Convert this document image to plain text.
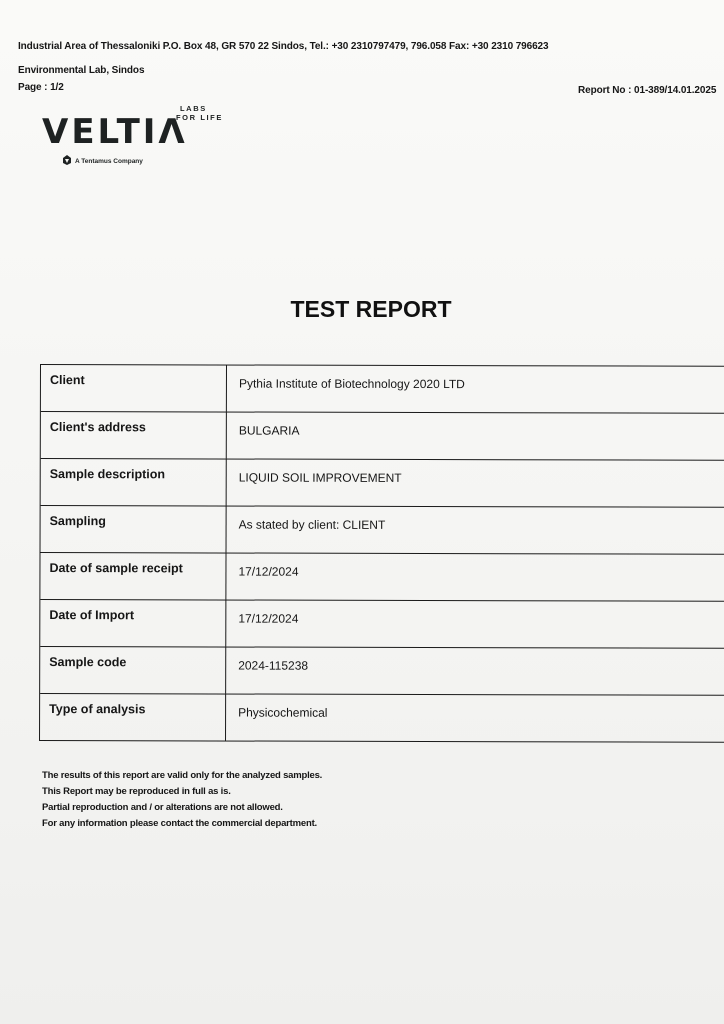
Industrial Area of Thessaloniki P.O. Box 48, GR 570 22 Sindos, Tel.: +30 2310797479, 796.058 Fax: +30 2310 796623
Environmental Lab, Sindos
Page : 1/2	Report No : 01-389/14.01.2025
VELTIΛ
LABS
FOR LIFE
A Tentamus Company
TEST REPORT
Client	Pythia Institute of Biotechnology 2020 LTD
Client's address	BULGARIA
Sample description	LIQUID SOIL IMPROVEMENT
Sampling	As stated by client: CLIENT
Date of sample receipt	17/12/2024
Date of Import	17/12/2024
Sample code	2024-115238
Type of analysis	Physicochemical
The results of this report are valid only for the analyzed samples.
This Report may be reproduced in full as is.
Partial reproduction and / or alterations are not allowed.
For any information please contact the commercial department.
